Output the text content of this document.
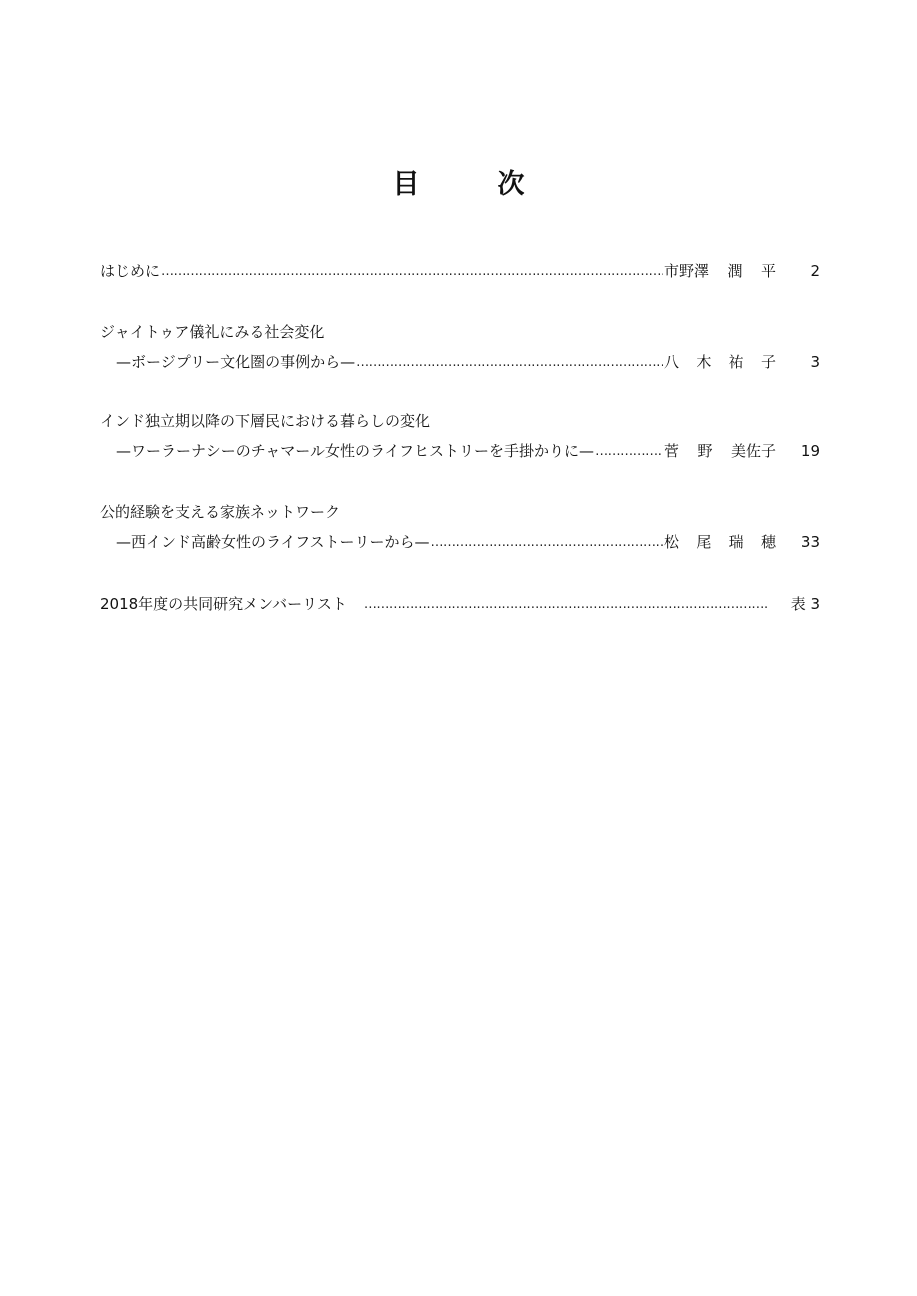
目	次
はじめに …………………………………………………………………………………………………………………………………………………………………………………………	市野澤 潤 平	2
ジャイトゥア儀礼にみる社会変化
—ボージプリー文化圏の事例から— …………………………………………………………………………………………………………………………………………………………………………………………	八 木 祐 子	3
インド独立期以降の下層民における暮らしの変化
—ワーラーナシーのチャマール女性のライフヒストリーを手掛かりに— …………………………………………………………………………………………………………………………………………………………………………………………	菅 野 美佐子	19
公的経験を支える家族ネットワーク
—西インド高齢女性のライフストーリーから— …………………………………………………………………………………………………………………………………………………………………………………………	松 尾 瑞 穂	33
2018年度の共同研究メンバーリスト …………………………………………………………………………………………………………………………………………………………………………………………	表 3
